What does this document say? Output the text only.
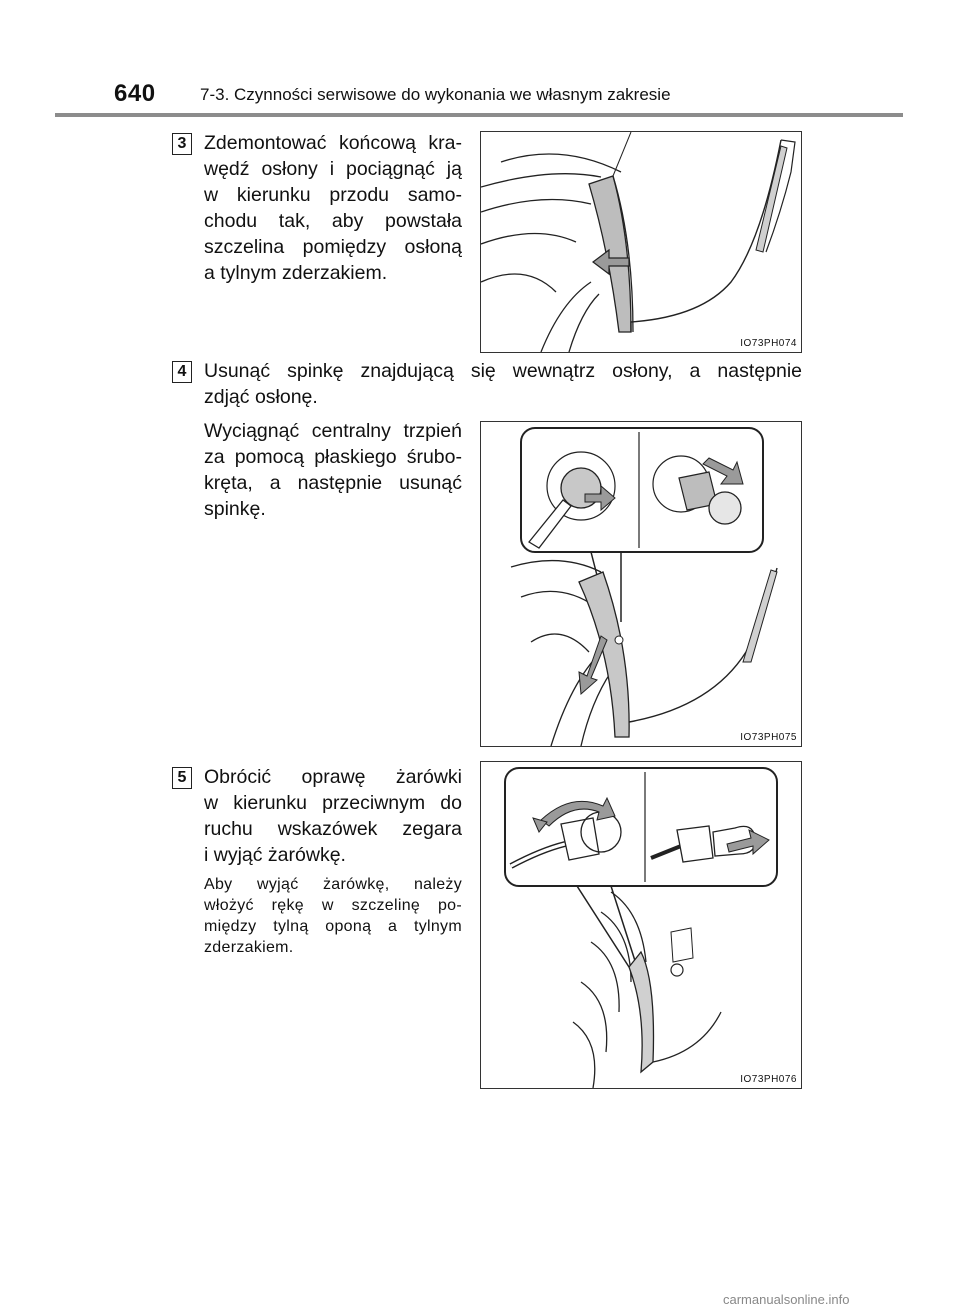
640	7-3. Czynności serwisowe do wykonania we własnym zakresie
3 Zdemontować końcową kra-
wędź osłony i pociągnąć ją
w kierunku przodu samo-
chodu tak, aby powstała
szczelina pomiędzy osłoną
a tylnym zderzakiem.
IO73PH074
4 Usunąć spinkę znajdującą się wewnątrz osłony, a następnie
zdjąć osłonę.
Wyciągnąć centralny trzpień
za pomocą płaskiego śrubo-
kręta, a następnie usunąć
spinkę.
IO73PH075
5 Obrócić oprawę żarówki
w kierunku przeciwnym do
ruchu wskazówek zegara
i wyjąć żarówkę.
Aby wyjąć żarówkę, należy
włożyć rękę w szczelinę po-
między tylną oponą a tylnym
zderzakiem.
IO73PH076
carmanualsonline.info
